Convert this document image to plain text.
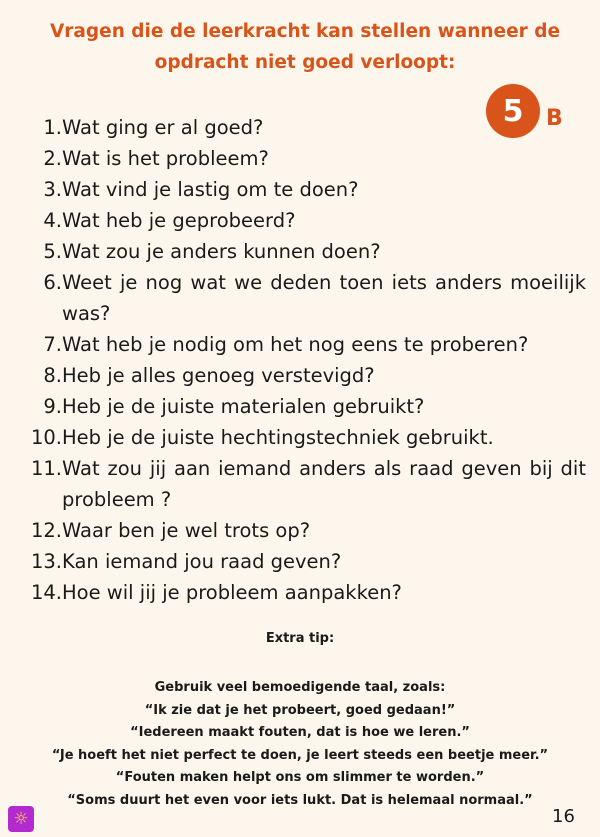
Vragen die de leerkracht kan stellen wanneer de
opdracht niet goed verloopt:
5	B
1. Wat ging er al goed?
2. Wat is het probleem?
3. Wat vind je lastig om te doen?
4. Wat heb je geprobeerd?
5. Wat zou je anders kunnen doen?
6. Weet je nog wat we deden toen iets anders moeilijk was?
7. Wat heb je nodig om het nog eens te proberen?
8. Heb je alles genoeg verstevigd?
9. Heb je de juiste materialen gebruikt?
10. Heb je de juiste hechtingstechniek gebruikt.
11. Wat zou jij aan iemand anders als raad geven bij dit probleem ?
12. Waar ben je wel trots op?
13. Kan iemand jou raad geven?
14. Hoe wil jij je probleem aanpakken?
Extra tip:
Gebruik veel bemoedigende taal, zoals:
“Ik zie dat je het probeert, goed gedaan!”
“Iedereen maakt fouten, dat is hoe we leren.”
“Je hoeft het niet perfect te doen, je leert steeds een beetje meer.”
“Fouten maken helpt ons om slimmer te worden.”
“Soms duurt het even voor iets lukt. Dat is helemaal normaal.”
☼	16
